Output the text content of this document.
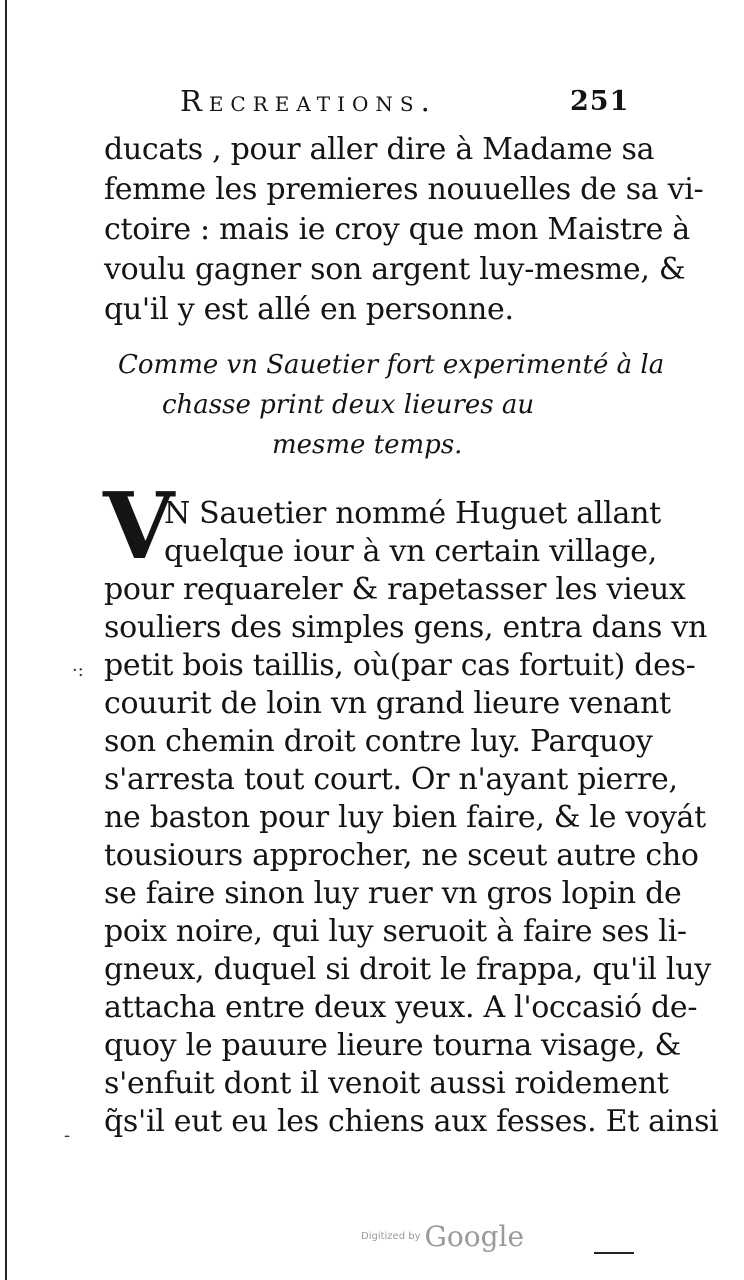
Recreations.	251
ducats , pour aller dire à Madame sa
femme les premieres nouuelles de sa vi-
ctoire : mais ie croy que mon Maistre à
voulu gagner son argent luy-mesme, &
qu'il y est allé en personne.
Comme vn Sauetier fort experimenté à la
chasse print deux lieures au
mesme temps.
V
N Sauetier nommé Huguet allant
quelque iour à vn certain village,
pour requareler & rapetasser les vieux
souliers des simples gens, entra dans vn
petit bois taillis, où(par cas fortuit) des-
couurit de loin vn grand lieure venant
son chemin droit contre luy. Parquoy
s'arresta tout court. Or n'ayant pierre,
ne baston pour luy bien faire, & le voyát
tousiours approcher, ne sceut autre cho
se faire sinon luy ruer vn gros lopin de
poix noire, qui luy seruoit à faire ses li-
gneux, duquel si droit le frappa, qu'il luy
attacha entre deux yeux. A l'occasió de-
quoy le pauure lieure tourna visage, &
s'enfuit dont il venoit aussi roidement
q̃s'il eut eu les chiens aux fesses. Et ainsi
·:
-
Digitized by Google
